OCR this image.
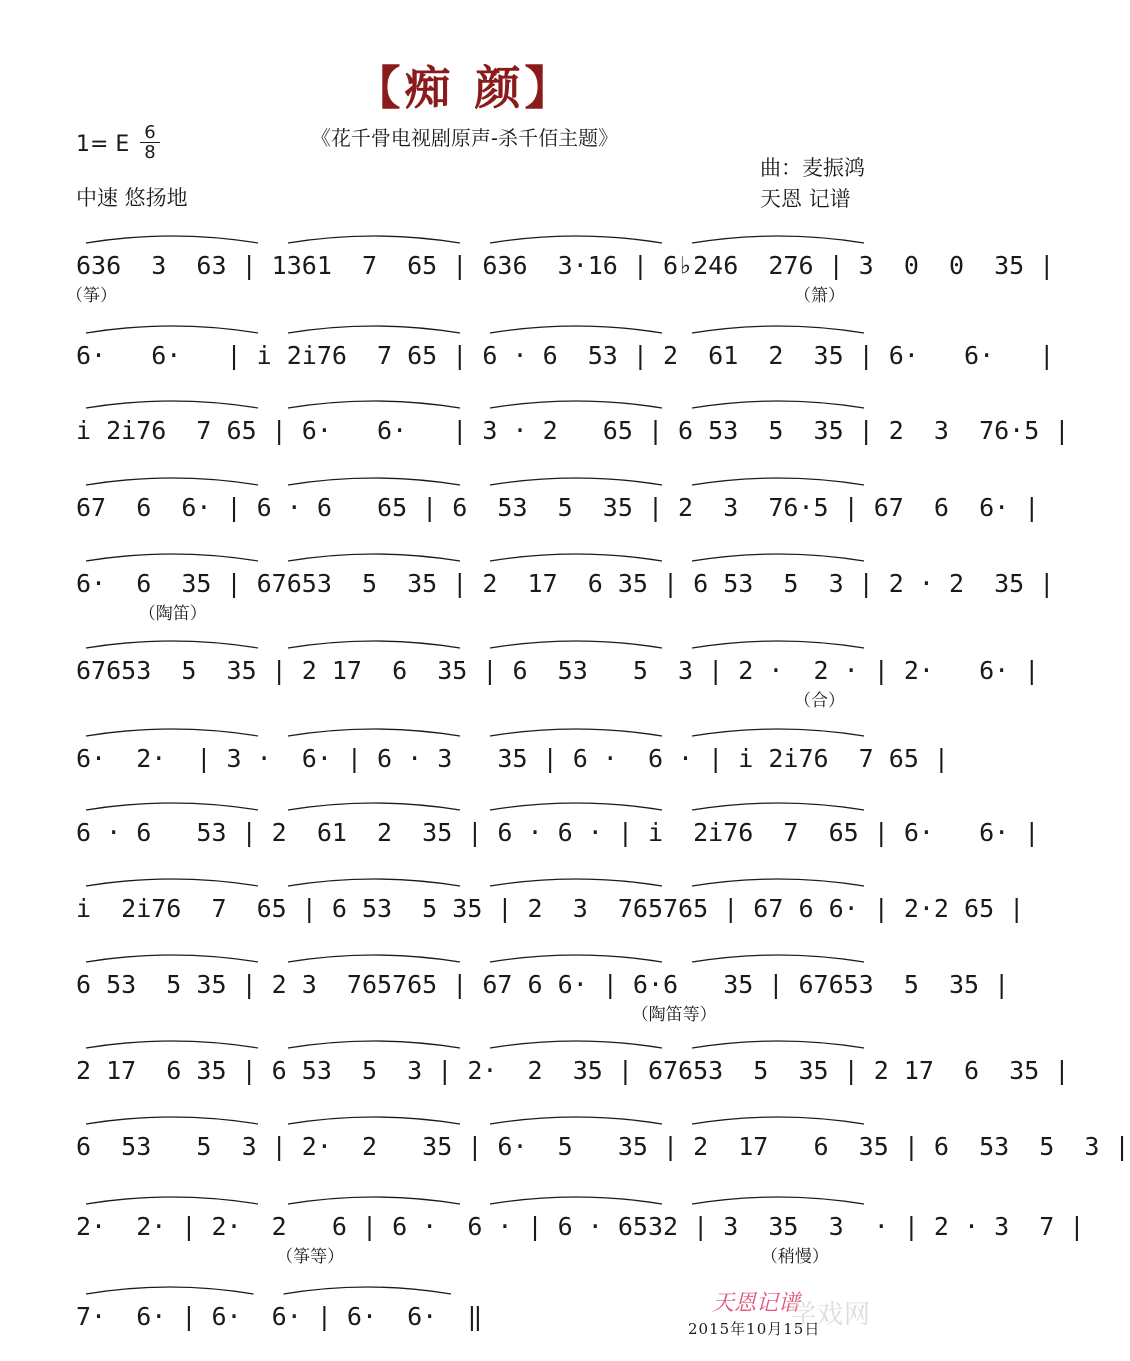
【痴 颜】
《花千骨电视剧原声-杀千佰主题》
1= E 6
8
中速 悠扬地
曲：麦振鸿
天恩 记谱
636  3  63 | 1361  7  65 | 636  3·16 | 6♭246  276 | 3  0  0  35 |
（筝）	（箫）
6·   6·   | i 2i76  7 65 | 6 · 6  53 | 2  61  2  35 | 6·   6·   |
i 2i76  7 65 | 6·   6·   | 3 · 2   65 | 6 53  5  35 | 2  3  76·5 |
67  6  6· | 6 · 6   65 | 6  53  5  35 | 2  3  76·5 | 67  6  6· |
6·  6  35 | 67653  5  35 | 2  17  6 35 | 6 53  5  3 | 2 · 2  35 |
（陶笛）
67653  5  35 | 2 17  6  35 | 6  53   5  3 | 2 ·  2 · | 2·   6· |
（合）
6·  2·  | 3 ·  6· | 6 · 3   35 | 6 ·  6 · | i 2i76  7 65 |
6 · 6   53 | 2  61  2  35 | 6 · 6 · | i  2i76  7  65 | 6·   6· |
i  2i76  7  65 | 6 53  5 35 | 2  3  765765 | 67 6 6· | 2·2 65 |
6 53  5 35 | 2 3  765765 | 67 6 6· | 6·6   35 | 67653  5  35 |
（陶笛等）
2 17  6 35 | 6 53  5  3 | 2·  2  35 | 67653  5  35 | 2 17  6  35 |
6  53   5  3 | 2·  2   35 | 6·  5   35 | 2  17   6  35 | 6  53  5  3 |
2·  2· | 2·  2   6 | 6 ·  6 · | 6 · 6532 | 3  35  3  · | 2 · 3  7 |
（筝等）	（稍慢）
7·  6· | 6·  6· | 6·  6·  ‖	天恩记谱
学戏网
2015年10月15日
